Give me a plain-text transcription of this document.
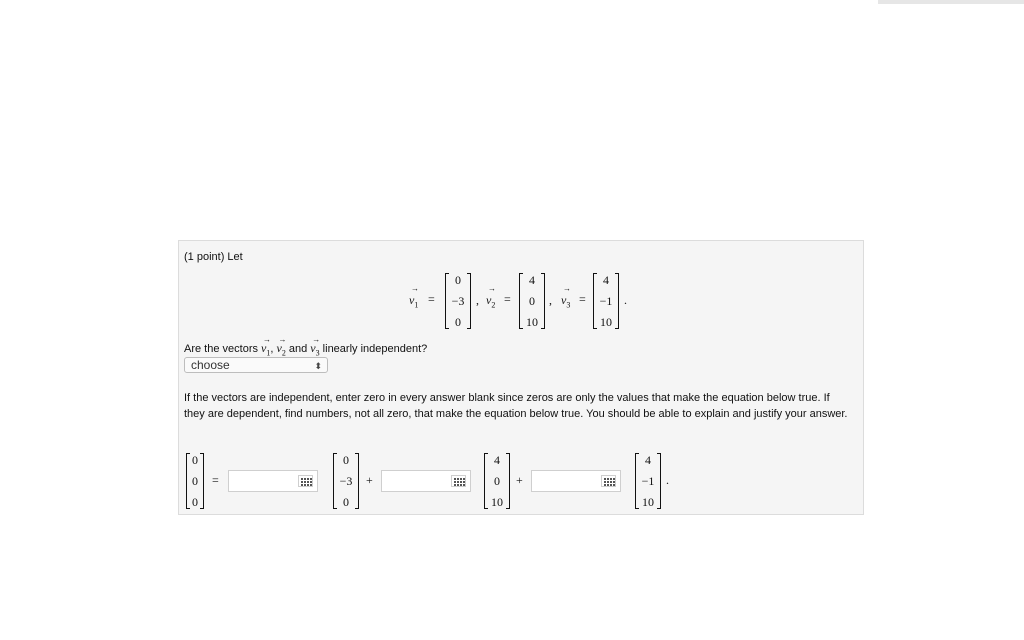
(1 point) Let
$v \to_1$ =
0
−3
0
, $v \to_2$ =
4
0
10
, $v \to_3$ =
4
−1
10
.
Are the vectors $v \to_1$, $v \to_2$ and $v \to_3$ linearly independent?
choose	⬍
If the vectors are independent, enter zero in every answer blank since zeros are only the values that make the equation below true. If they are dependent, find numbers, not all zero, that make the equation below true. You should be able to explain and justify your answer.
0
0
0
=
0
−3
0
+
4
0
10
+
4
−1
10
.
